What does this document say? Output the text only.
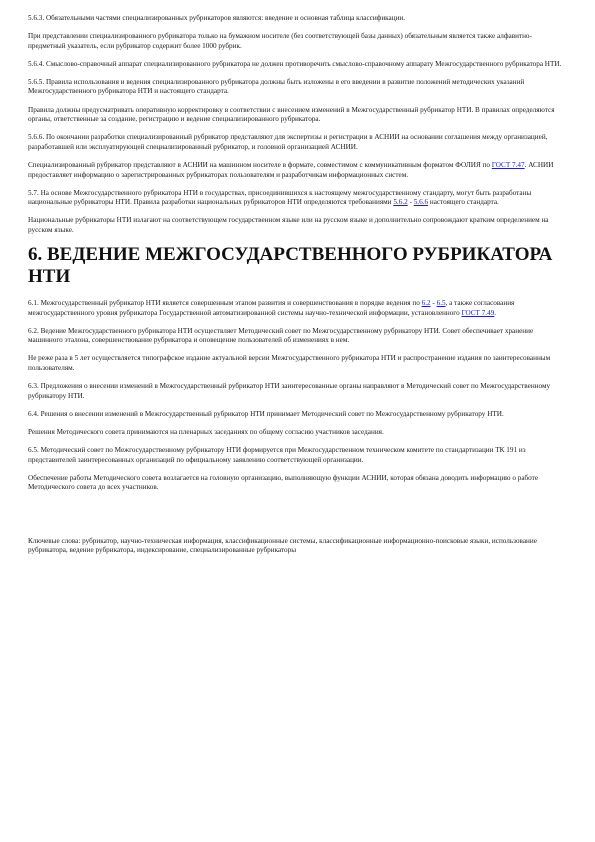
5.6.3. Обязательными частями специализированных рубрикаторов являются: введение и основная таблица классификации.

При представлении специализированного рубрикатора только на бумажном носителе (без соответствующей базы данных) обязательным является также алфавитно-предметный указатель, если рубрикатор содержит более 1000 рубрик.

5.6.4. Смыслово-справочный аппарат специализированного рубрикатора не должен противоречить смыслово-справочному аппарату Межгосударственного рубрикатора НТИ.

5.6.5. Правила использования и ведения специализированного рубрикатора должны быть изложены в его введении в развитие положений методических указаний Межгосударственного рубрикатора НТИ и настоящего стандарта.

Правила должны предусматривать оперативную корректировку в соответствии с внесением изменений в Межгосударственный рубрикатор НТИ. В правилах определяются органы, ответственные за создание, регистрацию и ведение специализированного рубрикатора.

5.6.6. По окончании разработки специализированный рубрикатор представляют для экспертизы и регистрации в АСНИИ на основании соглашения между организацией, разработавшей или эксплуатирующей специализированный рубрикатор, и головной организацией АСНИИ.

Специализированный рубрикатор представляют в АСНИИ на машинном носителе в формате, совместимом с коммуникативным форматом ФОЛИЯ по ГОСТ 7.47. АСНИИ предоставляет информацию о зарегистрированных рубрикаторах пользователям и разработчикам информационных систем.

5.7. На основе Межгосударственного рубрикатора НТИ в государствах, присоединившихся к настоящему межгосударственному стандарту, могут быть разработаны национальные рубрикаторы НТИ. Правила разработки национальных рубрикаторов НТИ определяются требованиями 5.6.2 - 5.6.6 настоящего стандарта.

Национальные рубрикаторы НТИ излагают на соответствующем государственном языке или на русском языке и дополнительно сопровождают кратким определением на русском языке.

6. ВЕДЕНИЕ МЕЖГОСУДАРСТВЕННОГО РУБРИКАТОРА НТИ

6.1. Межгосударственный рубрикатор НТИ является совершенным этапом развития и совершенствования в порядке ведения по 6.2 - 6.5, а также согласования межгосударственного уровня рубрикатора Государственной автоматизированной системы научно-технической информации, установленного ГОСТ 7.49.

6.2. Ведение Межгосударственного рубрикатора НТИ осуществляет Методический совет по Межгосударственному рубрикатору НТИ. Совет обеспечивает хранение машинного эталона, совершенствование рубрикатора и оповещение пользователей об изменениях в нем.

Не реже раза в 5 лет осуществляется типографское издание актуальной версии Межгосударственного рубрикатора НТИ и распространение издания по заинтересованным пользователям.

6.3. Предложения о внесении изменений в Межгосударственный рубрикатор НТИ заинтересованные органы направляют в Методический совет по Межгосударственному рубрикатору НТИ.

6.4. Решения о внесении изменений в Межгосударственный рубрикатор НТИ принимает Методический совет по Межгосударственному рубрикатору НТИ.

Решения Методического совета принимаются на пленарных заседаниях по общему согласию участников заседания.

6.5. Методический совет по Межгосударственному рубрикатору НТИ формируется при Межгосударственном техническом комитете по стандартизации ТК 191 из представителей заинтересованных организаций по официальному заявлению соответствующей организации.

Обеспечение работы Методического совета возлагается на головную организацию, выполняющую функции АСНИИ, которая обязана доводить информацию о работе Методического совета до всех участников.

Ключевые слова: рубрикатор, научно-техническая информация, классификационные системы, классификационные информационно-поисковые языки, использование рубрикатора, ведение рубрикатора, индексирование, специализированные рубрикаторы
